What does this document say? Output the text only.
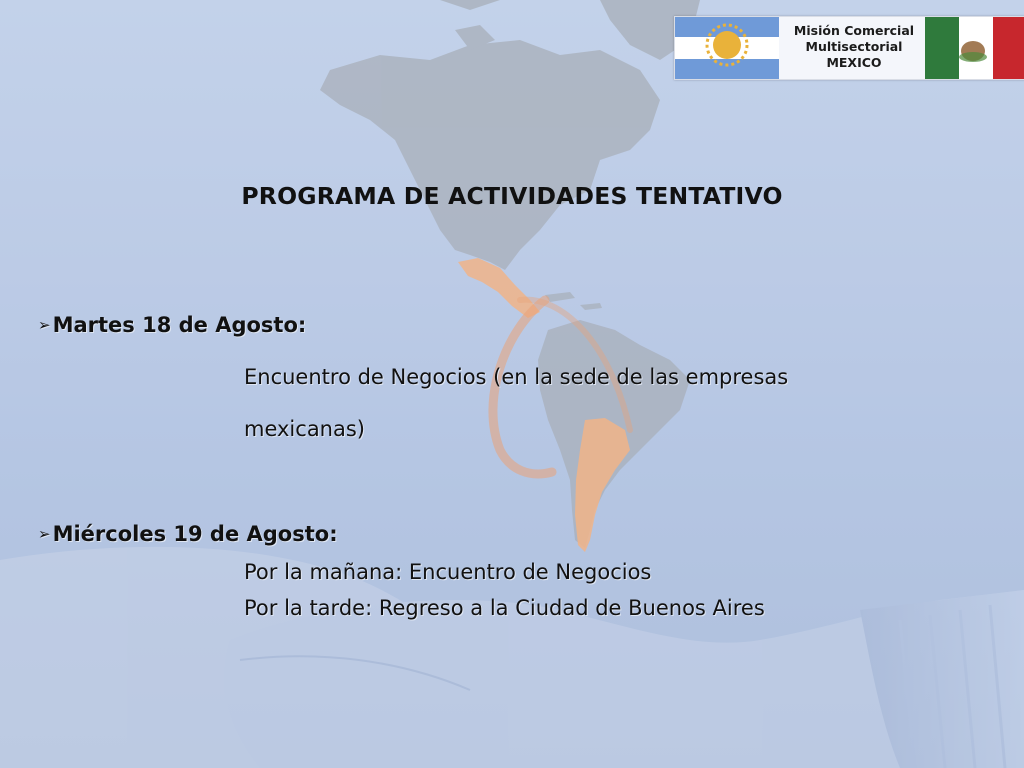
Misión Comercial
Multisectorial
MEXICO
PROGRAMA DE ACTIVIDADES TENTATIVO
➢Martes 18 de Agosto:
Encuentro de Negocios (en la sede de las empresas
mexicanas)
➢Miércoles 19 de Agosto:
Por la mañana: Encuentro de Negocios
Por la tarde: Regreso a la Ciudad de Buenos Aires
